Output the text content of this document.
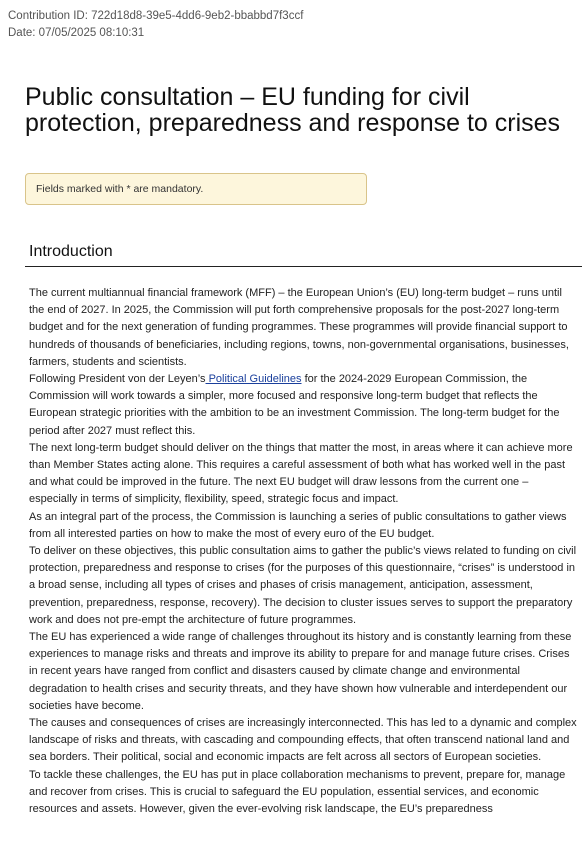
Contribution ID: 722d18d8-39e5-4dd6-9eb2-bbabbd7f3ccf
Date: 07/05/2025 08:10:31
Public consultation – EU funding for civil protection, preparedness and response to crises
Fields marked with * are mandatory.
Introduction

The current multiannual financial framework (MFF) – the European Union’s (EU) long-term budget – runs until the end of 2027. In 2025, the Commission will put forth comprehensive proposals for the post-2027 long-term budget and for the next generation of funding programmes. These programmes will provide financial support to hundreds of thousands of beneficiaries, including regions, towns, non-governmental organisations, businesses, farmers, students and scientists.

Following President von der Leyen’s Political Guidelines for the 2024-2029 European Commission, the Commission will work towards a simpler, more focused and responsive long-term budget that reflects the European strategic priorities with the ambition to be an investment Commission. The long-term budget for the period after 2027 must reflect this.

The next long-term budget should deliver on the things that matter the most, in areas where it can achieve more than Member States acting alone. This requires a careful assessment of both what has worked well in the past and what could be improved in the future. The next EU budget will draw lessons from the current one – especially in terms of simplicity, flexibility, speed, strategic focus and impact.

As an integral part of the process, the Commission is launching a series of public consultations to gather views from all interested parties on how to make the most of every euro of the EU budget.

To deliver on these objectives, this public consultation aims to gather the public’s views related to funding on civil protection, preparedness and response to crises (for the purposes of this questionnaire, “crises” is understood in a broad sense, including all types of crises and phases of crisis management, anticipation, assessment, prevention, preparedness, response, recovery). The decision to cluster issues serves to support the preparatory work and does not pre-empt the architecture of future programmes.

The EU has experienced a wide range of challenges throughout its history and is constantly learning from these experiences to manage risks and threats and improve its ability to prepare for and manage future crises. Crises in recent years have ranged from conflict and disasters caused by climate change and environmental degradation to health crises and security threats, and they have shown how vulnerable and interdependent our societies have become.

The causes and consequences of crises are increasingly interconnected. This has led to a dynamic and complex landscape of risks and threats, with cascading and compounding effects, that often transcend national land and sea borders. Their political, social and economic impacts are felt across all sectors of European societies.

To tackle these challenges, the EU has put in place collaboration mechanisms to prevent, prepare for, manage and recover from crises. This is crucial to safeguard the EU population, essential services, and economic resources and assets. However, given the ever-evolving risk landscape, the EU’s preparedness
